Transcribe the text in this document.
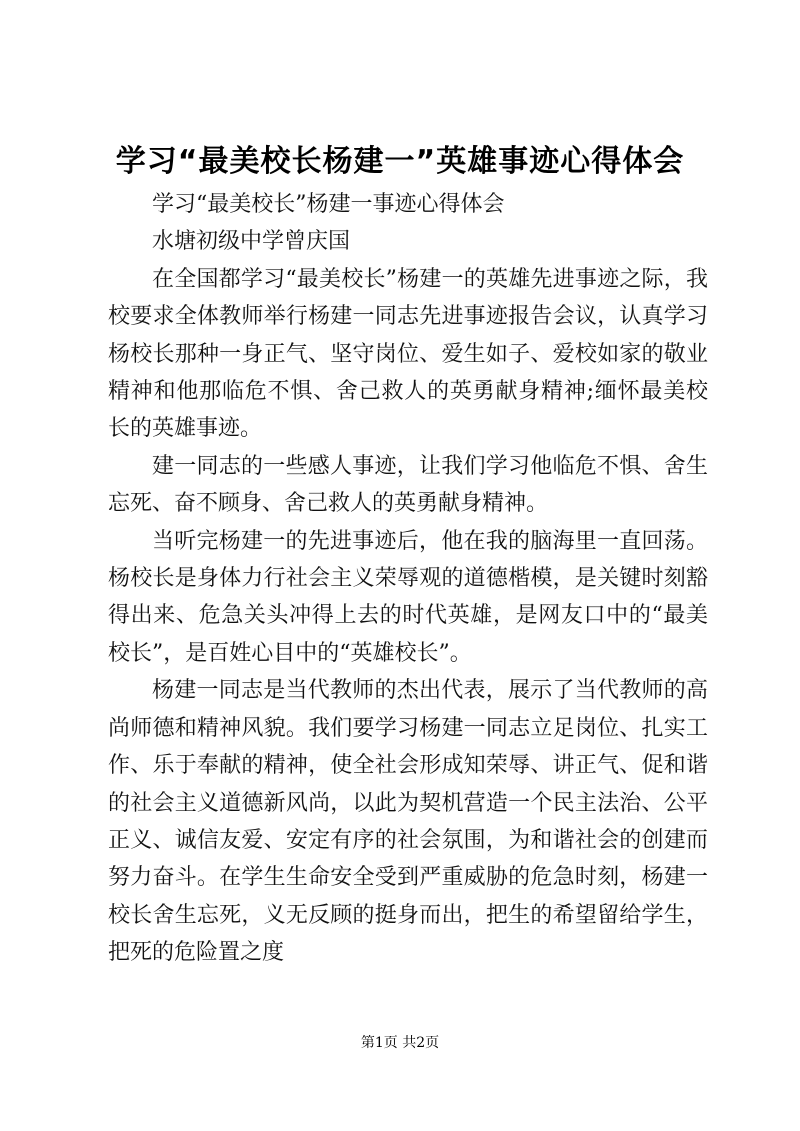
学习“最美校长杨建一”英雄事迹心得体会

学习“最美校长”杨建一事迹心得体会

水塘初级中学曾庆国

在全国都学习“最美校长”杨建一的英雄先进事迹之际，我校要求全体教师举行杨建一同志先进事迹报告会议，认真学习杨校长那种一身正气、坚守岗位、爱生如子、爱校如家的敬业精神和他那临危不惧、舍己救人的英勇献身精神;缅怀最美校长的英雄事迹。

建一同志的一些感人事迹，让我们学习他临危不惧、舍生忘死、奋不顾身、舍己救人的英勇献身精神。

当听完杨建一的先进事迹后，他在我的脑海里一直回荡。杨校长是身体力行社会主义荣辱观的道德楷模，是关键时刻豁得出来、危急关头冲得上去的时代英雄，是网友口中的“最美校长”，是百姓心目中的“英雄校长”。

杨建一同志是当代教师的杰出代表，展示了当代教师的高尚师德和精神风貌。我们要学习杨建一同志立足岗位、扎实工作、乐于奉献的精神，使全社会形成知荣辱、讲正气、促和谐的社会主义道德新风尚，以此为契机营造一个民主法治、公平正义、诚信友爱、安定有序的社会氛围，为和谐社会的创建而努力奋斗。在学生生命安全受到严重威胁的危急时刻，杨建一校长舍生忘死，义无反顾的挺身而出，把生的希望留给学生，把死的危险置之度

第1页 共2页
